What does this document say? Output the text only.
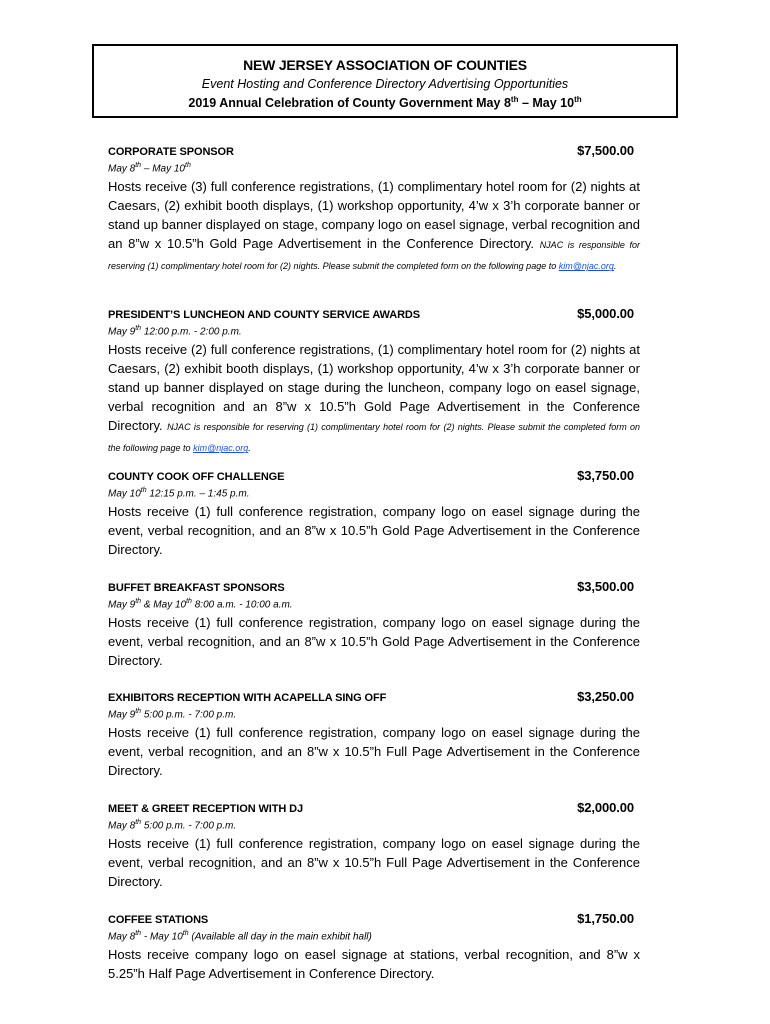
NEW JERSEY ASSOCIATION OF COUNTIES
Event Hosting and Conference Directory Advertising Opportunities
2019 Annual Celebration of County Government May 8th – May 10th
CORPORATE SPONSOR	$7,500.00
May 8th – May 10th
Hosts receive (3) full conference registrations, (1) complimentary hotel room for (2) nights at Caesars, (2) exhibit booth displays, (1) workshop opportunity, 4’w x 3’h corporate banner or stand up banner displayed on stage, company logo on easel signage, verbal recognition and an 8”w x 10.5”h Gold Page Advertisement in the Conference Directory. NJAC is responsible for reserving (1) complimentary hotel room for (2) nights. Please submit the completed form on the following page to kim@njac.org.
PRESIDENT’S LUNCHEON AND COUNTY SERVICE AWARDS	$5,000.00
May 9th 12:00 p.m. - 2:00 p.m.
Hosts receive (2) full conference registrations, (1) complimentary hotel room for (2) nights at Caesars, (2) exhibit booth displays, (1) workshop opportunity, 4’w x 3’h corporate banner or stand up banner displayed on stage during the luncheon, company logo on easel signage, verbal recognition and an 8”w x 10.5”h Gold Page Advertisement in the Conference Directory. NJAC is responsible for reserving (1) complimentary hotel room for (2) nights. Please submit the completed form on the following page to kim@njac.org.
COUNTY COOK OFF CHALLENGE	$3,750.00
May 10th 12:15 p.m. – 1:45 p.m.
Hosts receive (1) full conference registration, company logo on easel signage during the event, verbal recognition, and an 8”w x 10.5”h Gold Page Advertisement in the Conference Directory.
BUFFET BREAKFAST SPONSORS	$3,500.00
May 9th & May 10th 8:00 a.m. - 10:00 a.m.
Hosts receive (1) full conference registration, company logo on easel signage during the event, verbal recognition, and an 8”w x 10.5”h Gold Page Advertisement in the Conference Directory.
EXHIBITORS RECEPTION WITH ACAPELLA SING OFF	$3,250.00
May 9th 5:00 p.m. - 7:00 p.m.
Hosts receive (1) full conference registration, company logo on easel signage during the event, verbal recognition, and an 8”w x 10.5”h Full Page Advertisement in the Conference Directory.
MEET & GREET RECEPTION WITH DJ	$2,000.00
May 8th 5:00 p.m. - 7:00 p.m.
Hosts receive (1) full conference registration, company logo on easel signage during the event, verbal recognition, and an 8”w x 10.5”h Full Page Advertisement in the Conference Directory.
COFFEE STATIONS	$1,750.00
May 8th - May 10th (Available all day in the main exhibit hall)
Hosts receive company logo on easel signage at stations, verbal recognition, and 8”w x 5.25”h Half Page Advertisement in Conference Directory.
